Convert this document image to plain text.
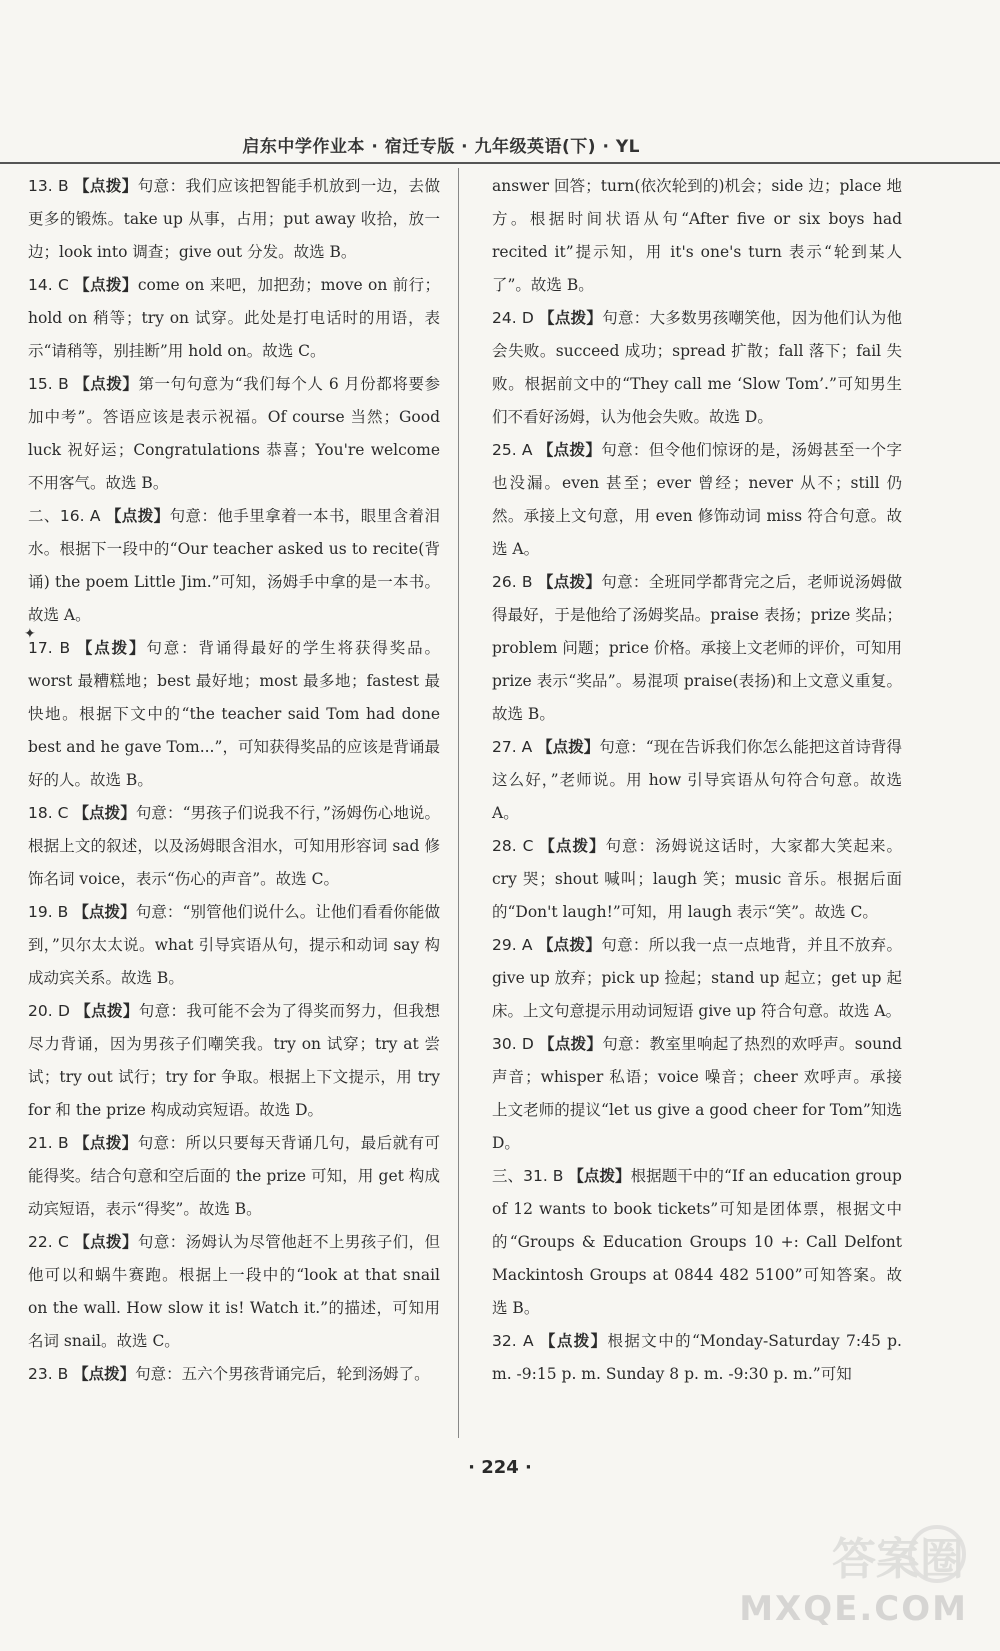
启东中学作业本 · 宿迁专版 · 九年级英语(下) · YL
✦

13. B 【点拨】句意：我们应该把智能手机放到一边，去做更多的锻炼。take up 从事，占用；put away 收拾，放一边；look into 调查；give out 分发。故选 B。

14. C 【点拨】come on 来吧，加把劲；move on 前行；hold on 稍等；try on 试穿。此处是打电话时的用语，表示“请稍等，别挂断”用 hold on。故选 C。

15. B 【点拨】第一句句意为“我们每个人 6 月份都将要参加中考”。答语应该是表示祝福。Of course 当然；Good luck 祝好运；Congratulations 恭喜；You're welcome 不用客气。故选 B。

二、16. A 【点拨】句意：他手里拿着一本书，眼里含着泪水。根据下一段中的“Our teacher asked us to recite(背诵) the poem Little Jim.”可知，汤姆手中拿的是一本书。故选 A。

17. B 【点拨】句意：背诵得最好的学生将获得奖品。worst 最糟糕地；best 最好地；most 最多地；fastest 最快地。根据下文中的“the teacher said Tom had done best and he gave Tom...”，可知获得奖品的应该是背诵最好的人。故选 B。

18. C 【点拨】句意：“男孩子们说我不行，”汤姆伤心地说。根据上文的叙述，以及汤姆眼含泪水，可知用形容词 sad 修饰名词 voice，表示“伤心的声音”。故选 C。

19. B 【点拨】句意：“别管他们说什么。让他们看看你能做到，”贝尔太太说。what 引导宾语从句，提示和动词 say 构成动宾关系。故选 B。

20. D 【点拨】句意：我可能不会为了得奖而努力，但我想尽力背诵，因为男孩子们嘲笑我。try on 试穿；try at 尝试；try out 试行；try for 争取。根据上下文提示，用 try for 和 the prize 构成动宾短语。故选 D。

21. B 【点拨】句意：所以只要每天背诵几句，最后就有可能得奖。结合句意和空后面的 the prize 可知，用 get 构成动宾短语，表示“得奖”。故选 B。

22. C 【点拨】句意：汤姆认为尽管他赶不上男孩子们，但他可以和蜗牛赛跑。根据上一段中的“look at that snail on the wall. How slow it is! Watch it.”的描述，可知用名词 snail。故选 C。

23. B 【点拨】句意：五六个男孩背诵完后，轮到汤姆了。

answer 回答；turn(依次轮到的)机会；side 边；place 地方。根据时间状语从句“After five or six boys had recited it”提示知，用 it's one's turn 表示“轮到某人了”。故选 B。

24. D 【点拨】句意：大多数男孩嘲笑他，因为他们认为他会失败。succeed 成功；spread 扩散；fall 落下；fail 失败。根据前文中的“They call me ‘Slow Tom’.”可知男生们不看好汤姆，认为他会失败。故选 D。

25. A 【点拨】句意：但令他们惊讶的是，汤姆甚至一个字也没漏。even 甚至；ever 曾经；never 从不；still 仍然。承接上文句意，用 even 修饰动词 miss 符合句意。故选 A。

26. B 【点拨】句意：全班同学都背完之后，老师说汤姆做得最好，于是他给了汤姆奖品。praise 表扬；prize 奖品；problem 问题；price 价格。承接上文老师的评价，可知用 prize 表示“奖品”。易混项 praise(表扬)和上文意义重复。故选 B。

27. A 【点拨】句意：“现在告诉我们你怎么能把这首诗背得这么好，”老师说。用 how 引导宾语从句符合句意。故选 A。

28. C 【点拨】句意：汤姆说这话时，大家都大笑起来。cry 哭；shout 喊叫；laugh 笑；music 音乐。根据后面的“Don't laugh!”可知，用 laugh 表示“笑”。故选 C。

29. A 【点拨】句意：所以我一点一点地背，并且不放弃。give up 放弃；pick up 捡起；stand up 起立；get up 起床。上文句意提示用动词短语 give up 符合句意。故选 A。

30. D 【点拨】句意：教室里响起了热烈的欢呼声。sound 声音；whisper 私语；voice 噪音；cheer 欢呼声。承接上文老师的提议“let us give a good cheer for Tom”知选 D。

三、31. B 【点拨】根据题干中的“If an education group of 12 wants to book tickets”可知是团体票，根据文中的“Groups & Education Groups 10 +: Call Delfont Mackintosh Groups at 0844 482 5100”可知答案。故选 B。

32. A 【点拨】根据文中的“Monday-Saturday 7:45 p. m. -9:15 p. m. Sunday 8 p. m. -9:30 p. m.”可知

· 224 ·
答案圈
MXQE.COM
